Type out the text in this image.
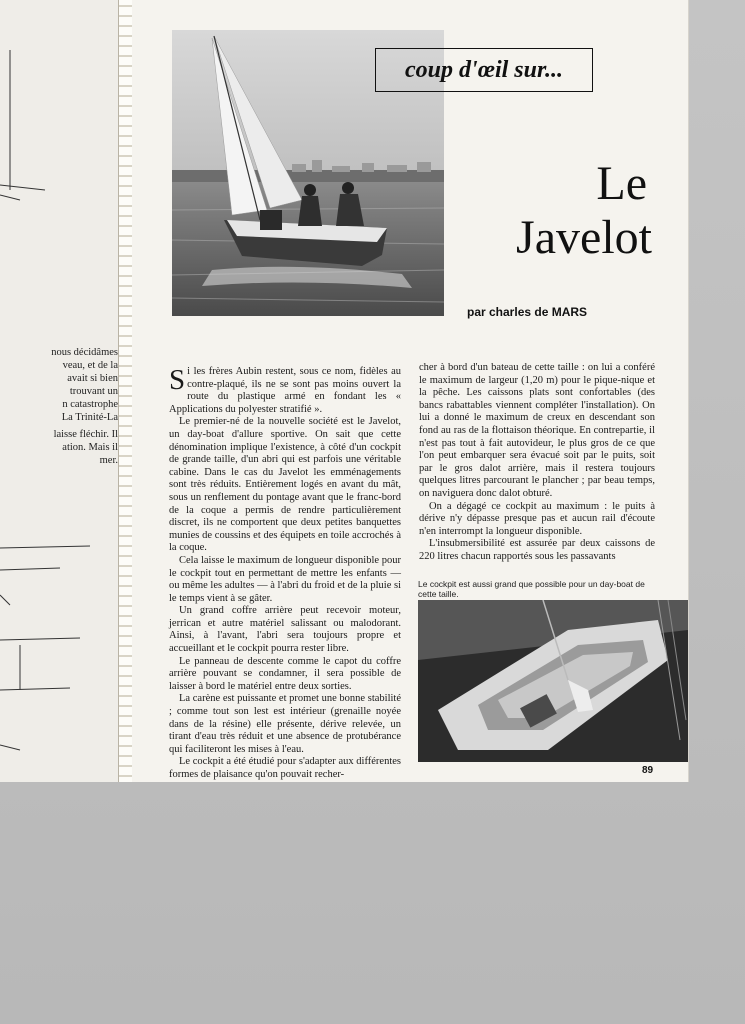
nous décidâmes
veau, et de la
avait si bien
trouvant un
n catastrophe
La Trinité-La
laisse fléchir. Il
ation. Mais il
mer.
coup d'œil sur...
Le
Javelot
par charles de MARS

Si les frères Aubin restent, sous ce nom, fidèles au contre-plaqué, ils ne se sont pas moins ouvert la route du plastique armé en fondant les « Applications du polyester stratifié ».

Le premier-né de la nouvelle société est le Javelot, un day-boat d'allure sportive. On sait que cette dénomination implique l'existence, à côté d'un cockpit de grande taille, d'un abri qui est parfois une véritable cabine. Dans le cas du Javelot les emménagements sont très réduits. Entièrement logés en avant du mât, sous un renflement du pontage avant que le franc-bord de la coque a permis de rendre particulièrement discret, ils ne comportent que deux petites banquettes munies de coussins et des équipets en toile accrochés à la coque.

Cela laisse le maximum de longueur disponible pour le cockpit tout en permettant de mettre les enfants — ou même les adultes — à l'abri du froid et de la pluie si le temps vient à se gâter.

Un grand coffre arrière peut recevoir moteur, jerrican et autre matériel salissant ou malodorant. Ainsi, à l'avant, l'abri sera toujours propre et accueillant et le cockpit pourra rester libre.

Le panneau de descente comme le capot du coffre arrière pouvant se condamner, il sera possible de laisser à bord le matériel entre deux sorties.

La carène est puissante et promet une bonne stabilité ; comme tout son lest est intérieur (grenaille noyée dans de la résine) elle présente, dérive relevée, un tirant d'eau très réduit et une absence de protubérance qui faciliteront les mises à l'eau.

Le cockpit a été étudié pour s'adapter aux différentes formes de plaisance qu'on pouvait recher-

cher à bord d'un bateau de cette taille : on lui a conféré le maximum de largeur (1,20 m) pour le pique-nique et la pêche. Les caissons plats sont confortables (des bancs rabattables viennent compléter l'installation). On lui a donné le maximum de creux en descendant son fond au ras de la flottaison théorique. En contrepartie, il n'est pas tout à fait autovideur, le plus gros de ce que l'on peut embarquer sera évacué soit par le puits, soit par le gros dalot arrière, mais il restera toujours quelques litres parcourant le plancher ; par beau temps, on naviguera donc dalot obturé.

On a dégagé ce cockpit au maximum : le puits à dérive n'y dépasse presque pas et aucun rail d'écoute n'en interrompt la longueur disponible.

L'insubmersibilité est assurée par deux caissons de 220 litres chacun rapportés sous les passavants

Le cockpit est aussi grand que possible pour un day-boat de cette taille.
89
